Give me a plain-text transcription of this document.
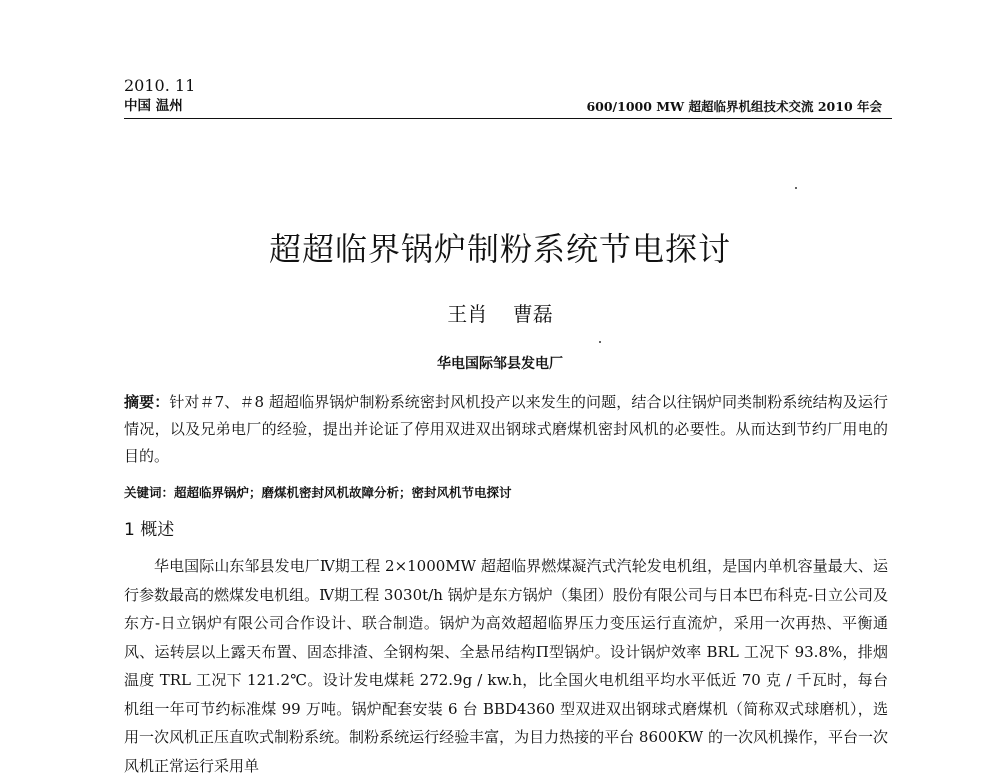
2010. 11
中国 温州	600/1000 MW 超超临界机组技术交流 2010 年会
超超临界锅炉制粉系统节电探讨
王肖    曹磊
华电国际邹县发电厂
摘要：针对＃7、＃8 超超临界锅炉制粉系统密封风机投产以来发生的问题，结合以往锅炉同类制粉系统结构及运行情况，以及兄弟电厂的经验，提出并论证了停用双进双出钢球式磨煤机密封风机的必要性。从而达到节约厂用电的目的。
关键词：超超临界锅炉；磨煤机密封风机故障分析；密封风机节电探讨
1 概述
华电国际山东邹县发电厂Ⅳ期工程 2×1000MW 超超临界燃煤凝汽式汽轮发电机组，是国内单机容量最大、运行参数最高的燃煤发电机组。Ⅳ期工程 3030t/h 锅炉是东方锅炉（集团）股份有限公司与日本巴布科克-日立公司及东方-日立锅炉有限公司合作设计、联合制造。锅炉为高效超超临界压力变压运行直流炉，采用一次再热、平衡通风、运转层以上露天布置、固态排渣、全钢构架、全悬吊结构Π型锅炉。设计锅炉效率 BRL 工况下 93.8%，排烟温度 TRL 工况下 121.2℃。设计发电煤耗 272.9g / kw.h，比全国火电机组平均水平低近 70 克 / 千瓦时，每台机组一年可节约标准煤 99 万吨。锅炉配套安装 6 台 BBD4360 型双进双出钢球式磨煤机（简称双式球磨机），选用一次风机正压直吹式制粉系统。制粉系统运行经验丰富，为目力热接的平台 8600KW 的一次风机操作，平台一次风机正常运行采用单
